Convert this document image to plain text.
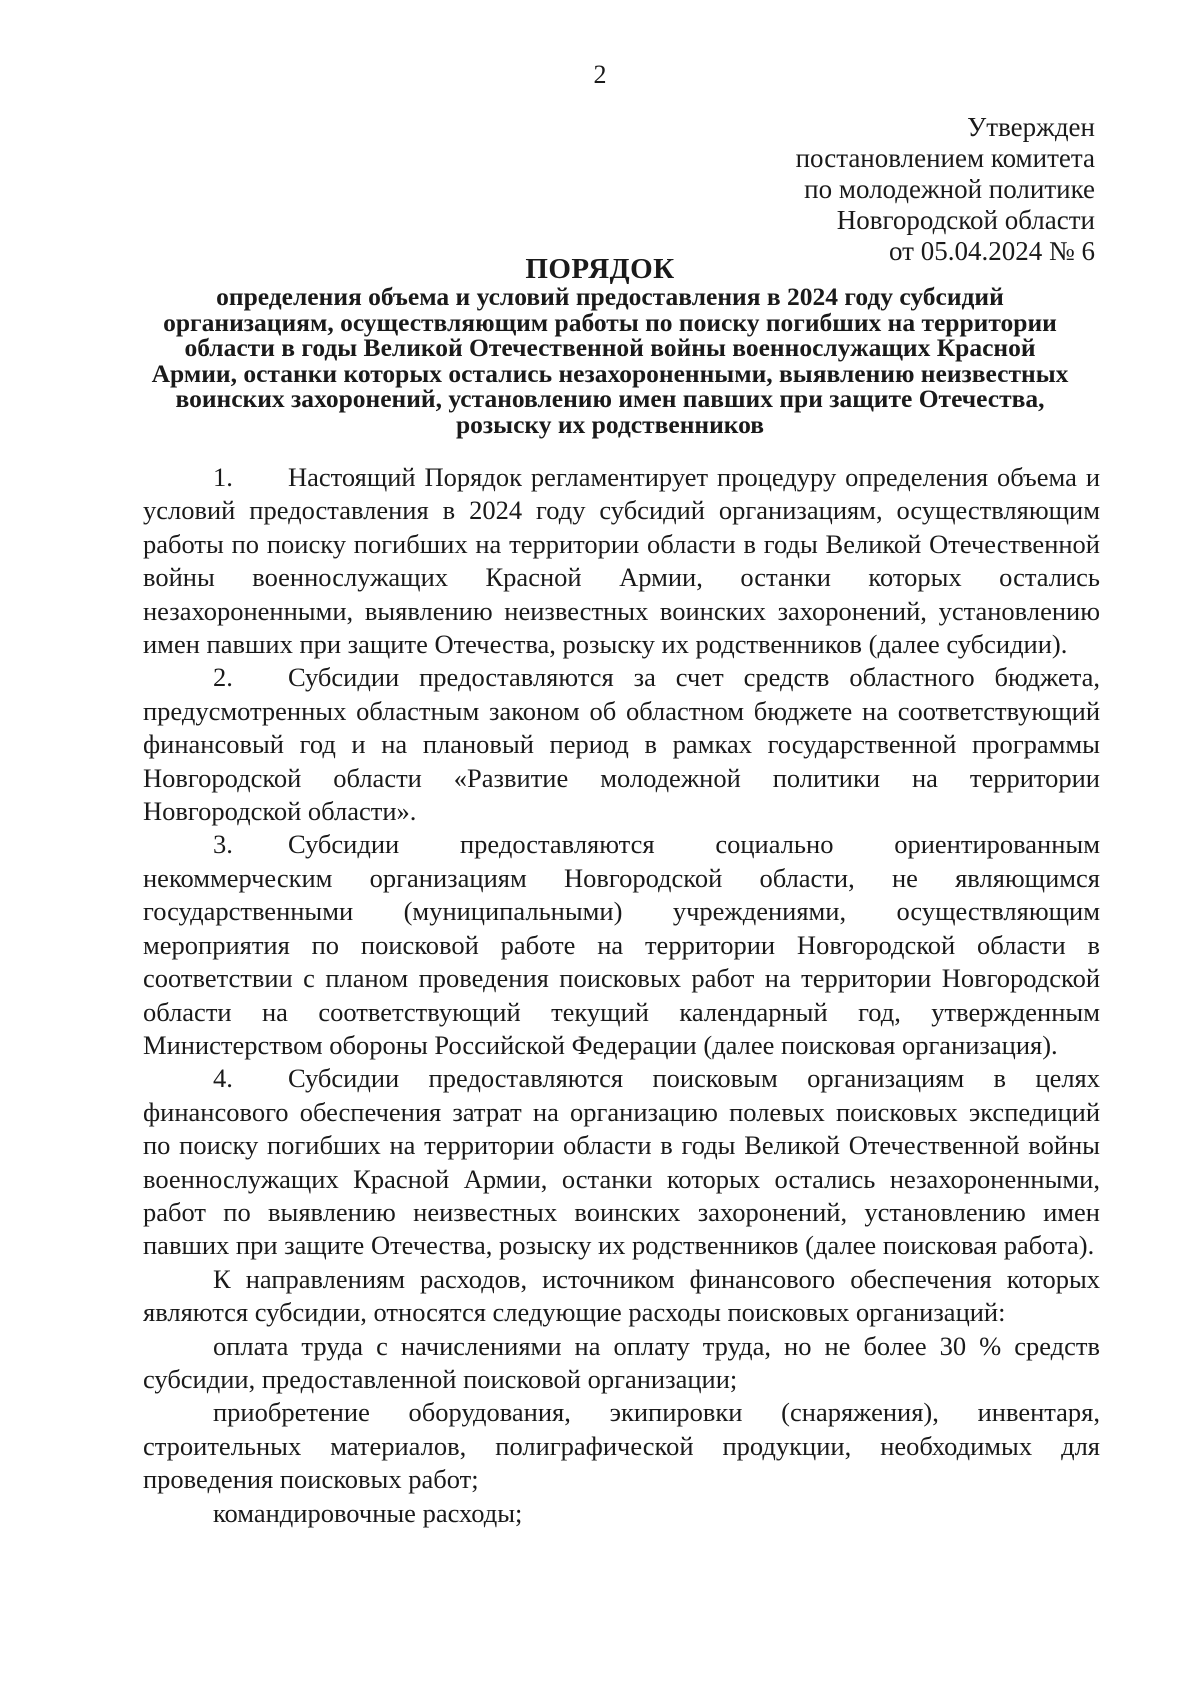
2
Утвержден
постановлением комитета
по молодежной политике
Новгородской области
от 05.04.2024 № 6
ПОРЯДОК
определения объема и условий предоставления в 2024 году субсидий организациям, осуществляющим работы по поиску погибших на территории области в годы Великой Отечественной войны военнослужащих Красной Армии, останки которых остались незахороненными, выявлению неизвестных воинских захоронений, установлению имен павших при защите Отечества, розыску их родственников

1. Настоящий Порядок регламентирует процедуру определения объема и условий предоставления в 2024 году субсидий организациям, осуществляющим работы по поиску погибших на территории области в годы Великой Отечественной войны военнослужащих Красной Армии, останки которых остались незахороненными, выявлению неизвестных воинских захоронений, установлению имен павших при защите Отечества, розыску их родственников (далее субсидии).

2. Субсидии предоставляются за счет средств областного бюджета, предусмотренных областным законом об областном бюджете на соответствующий финансовый год и на плановый период в рамках государственной программы Новгородской области «Развитие молодежной политики на территории Новгородской области».

3. Субсидии предоставляются социально ориентированным некоммерческим организациям Новгородской области, не являющимся государственными (муниципальными) учреждениями, осуществляющим мероприятия по поисковой работе на территории Новгородской области в соответствии с планом проведения поисковых работ на территории Новгородской области на соответствующий текущий календарный год, утвержденным Министерством обороны Российской Федерации (далее поисковая организация).

4. Субсидии предоставляются поисковым организациям в целях финансового обеспечения затрат на организацию полевых поисковых экспедиций по поиску погибших на территории области в годы Великой Отечественной войны военнослужащих Красной Армии, останки которых остались незахороненными, работ по выявлению неизвестных воинских захоронений, установлению имен павших при защите Отечества, розыску их родственников (далее поисковая работа).

К направлениям расходов, источником финансового обеспечения которых являются субсидии, относятся следующие расходы поисковых организаций:

оплата труда с начислениями на оплату труда, но не более 30 % средств субсидии, предоставленной поисковой организации;

приобретение оборудования, экипировки (снаряжения), инвентаря, строительных материалов, полиграфической продукции, необходимых для проведения поисковых работ;

командировочные расходы;
